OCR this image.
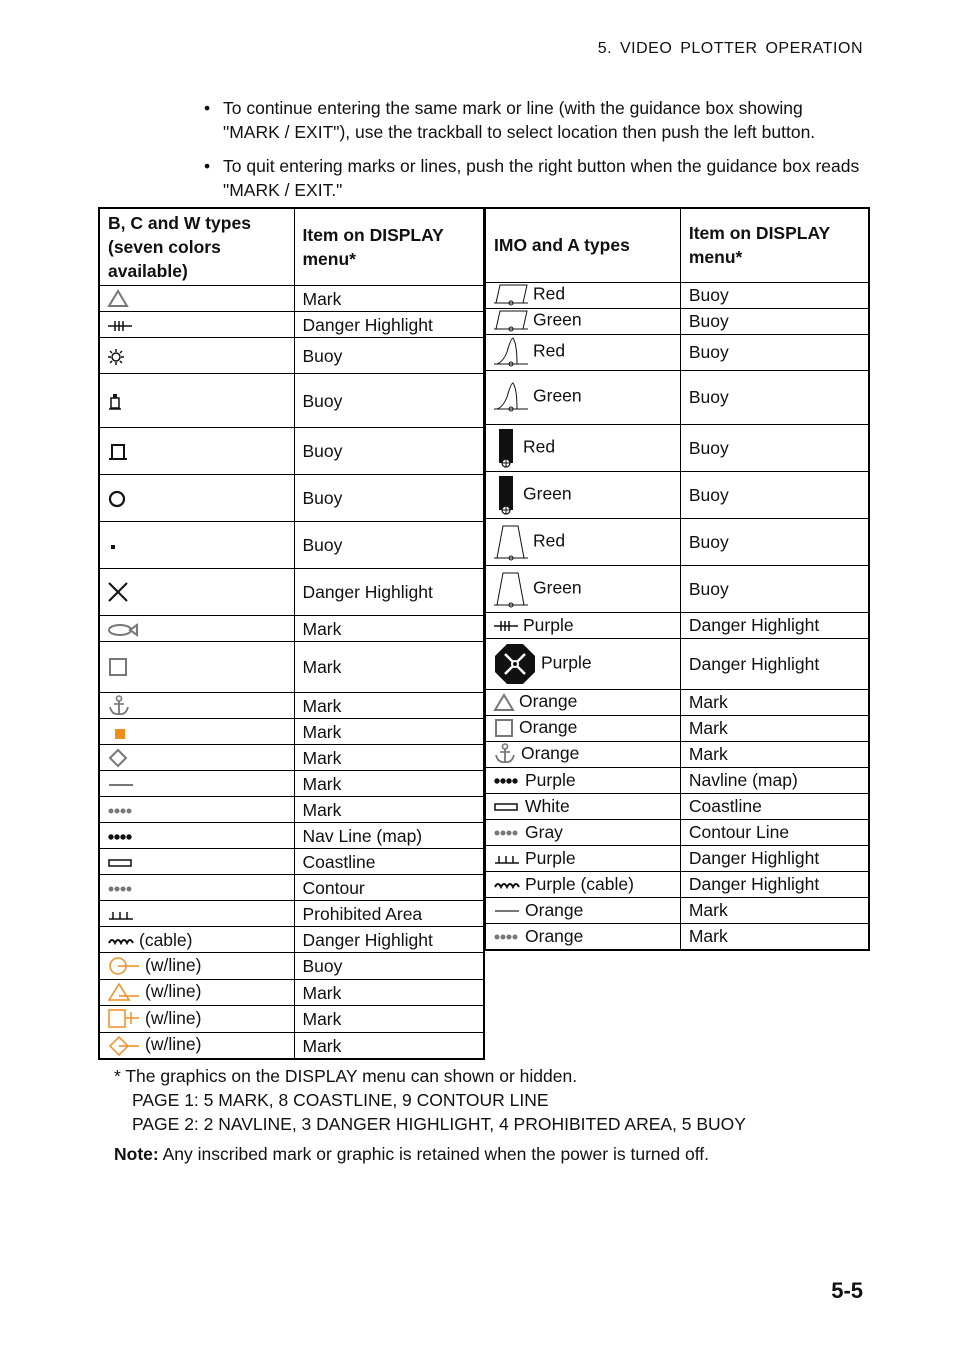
5. VIDEO PLOTTER OPERATION
• To continue entering the same mark or line (with the guidance box showing "MARK / EXIT"), use the trackball to select location then push the left button.
• To quit entering marks or lines, push the right button when the guidance box reads "MARK / EXIT."
B, C and W types (seven colors available)	Item on DISPLAY menu*
	Mark
	Danger Highlight
	Buoy
	Buoy
	Buoy
	Buoy
	Buoy
	Danger Highlight
	Mark
	Mark
	Mark
	Mark
	Mark
	Mark
	Mark
	Nav Line (map)
	Coastline
	Contour
	Prohibited Area
(cable)	Danger Highlight
(w/line)	Buoy
(w/line)	Mark
(w/line)	Mark
(w/line)	Mark
IMO and A types	Item on DISPLAY menu*
Red	Buoy
Green	Buoy
Red	Buoy
Green	Buoy
Red	Buoy
Green	Buoy
Red	Buoy
Green	Buoy
Purple	Danger Highlight
Purple	Danger Highlight
Orange	Mark
Orange	Mark
Orange	Mark
Purple	Navline (map)
White	Coastline
Gray	Contour Line
Purple	Danger Highlight
Purple (cable)	Danger Highlight
Orange	Mark
Orange	Mark
* The graphics on the DISPLAY menu can shown or hidden.
PAGE 1: 5 MARK, 8 COASTLINE, 9 CONTOUR LINE
PAGE 2: 2 NAVLINE, 3 DANGER HIGHLIGHT, 4 PROHIBITED AREA, 5 BUOY
Note: Any inscribed mark or graphic is retained when the power is turned off.
5-5
